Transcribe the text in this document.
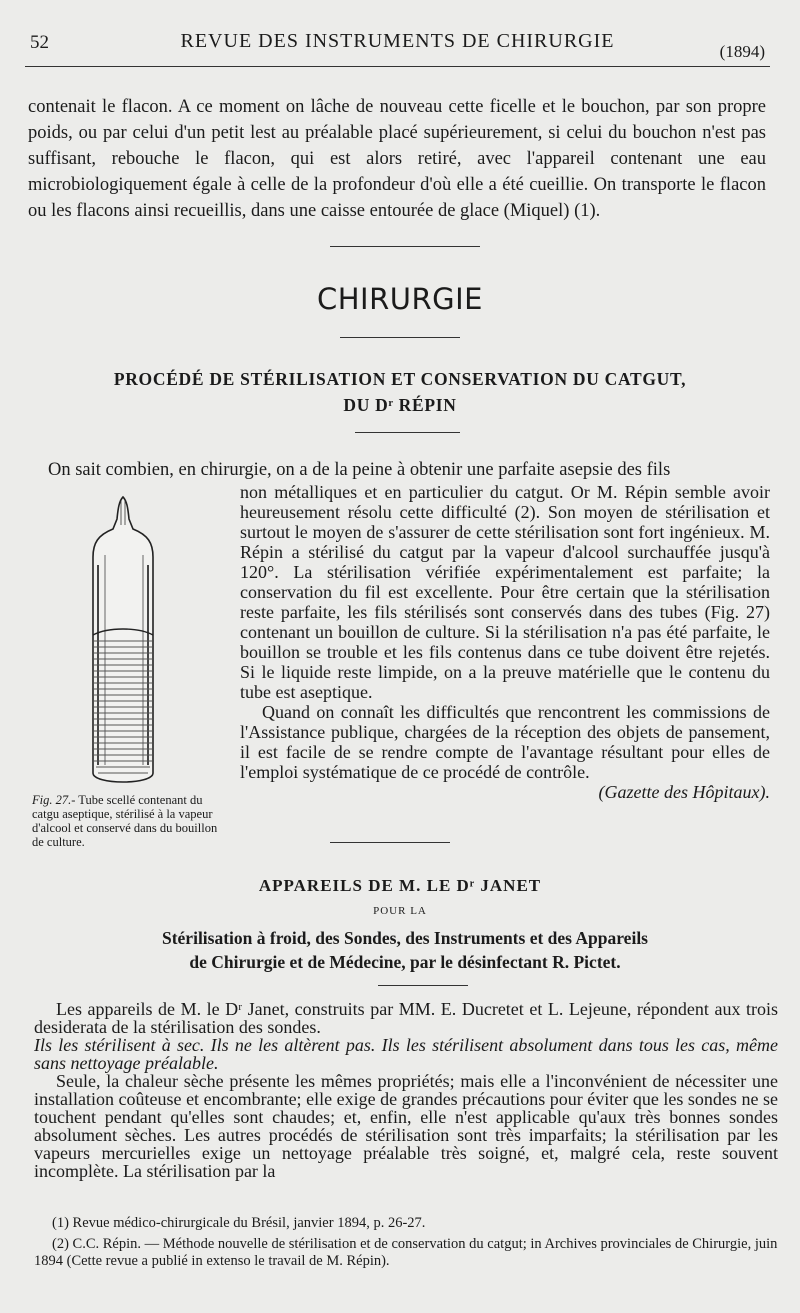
52	REVUE DES INSTRUMENTS DE CHIRURGIE	(1894)

contenait le flacon. A ce moment on lâche de nouveau cette ficelle et le bouchon, par son propre poids, ou par celui d'un petit lest au préalable placé supérieurement, si celui du bouchon n'est pas suffisant, rebouche le flacon, qui est alors retiré, avec l'appareil contenant une eau microbiologiquement égale à celle de la profondeur d'où elle a été cueillie. On transporte le flacon ou les flacons ainsi recueillis, dans une caisse entourée de glace (Miquel) (1).

CHIRURGIE
PROCÉDÉ DE STÉRILISATION ET CONSERVATION DU CATGUT,
DU Dʳ RÉPIN
On sait combien, en chirurgie, on a de la peine à obtenir une parfaite asepsie des fils
Fig. 27.- Tube scellé contenant du catgu aseptique, stérilisé à la vapeur d'alcool et conservé dans du bouillon de culture.

non métalliques et en particulier du catgut. Or M. Répin semble avoir heureusement résolu cette difficulté (2). Son moyen de stérilisation et surtout le moyen de s'assurer de cette stérilisation sont fort ingénieux. M. Répin a stérilisé du catgut par la vapeur d'alcool surchauffée jusqu'à 120°. La stérilisation vérifiée expérimentalement est parfaite; la conservation du fil est excellente. Pour être certain que la stérilisation reste parfaite, les fils stérilisés sont conservés dans des tubes (Fig. 27) contenant un bouillon de culture. Si la stérilisation n'a pas été parfaite, le bouillon se trouble et les fils contenus dans ce tube doivent être rejetés. Si le liquide reste limpide, on a la preuve matérielle que le contenu du tube est aseptique.

Quand on connaît les difficultés que rencontrent les commissions de l'Assistance publique, chargées de la réception des objets de pansement, il est facile de se rendre compte de l'avantage résultant pour elles de l'emploi systématique de ce procédé de contrôle.

(Gazette des Hôpitaux).
APPAREILS DE M. LE Dʳ JANET
POUR LA
Stérilisation à froid, des Sondes, des Instruments et des Appareils
de Chirurgie et de Médecine, par le désinfectant R. Pictet.

Les appareils de M. le Dʳ Janet, construits par MM. E. Ducretet et L. Lejeune, répondent aux trois desiderata de la stérilisation des sondes.

Ils les stérilisent à sec. Ils ne les altèrent pas. Ils les stérilisent absolument dans tous les cas, même sans nettoyage préalable.

Seule, la chaleur sèche présente les mêmes propriétés; mais elle a l'inconvénient de nécessiter une installation coûteuse et encombrante; elle exige de grandes précautions pour éviter que les sondes ne se touchent pendant qu'elles sont chaudes; et, enfin, elle n'est applicable qu'aux très bonnes sondes absolument sèches. Les autres procédés de stérilisation sont très imparfaits; la stérilisation par les vapeurs mercurielles exige un nettoyage préalable très soigné, et, malgré cela, reste souvent incomplète. La stérilisation par la

(1) Revue médico-chirurgicale du Brésil, janvier 1894, p. 26-27.

(2) C.C. Répin. — Méthode nouvelle de stérilisation et de conservation du catgut; in Archives provinciales de Chirurgie, juin 1894 (Cette revue a publié in extenso le travail de M. Répin).
